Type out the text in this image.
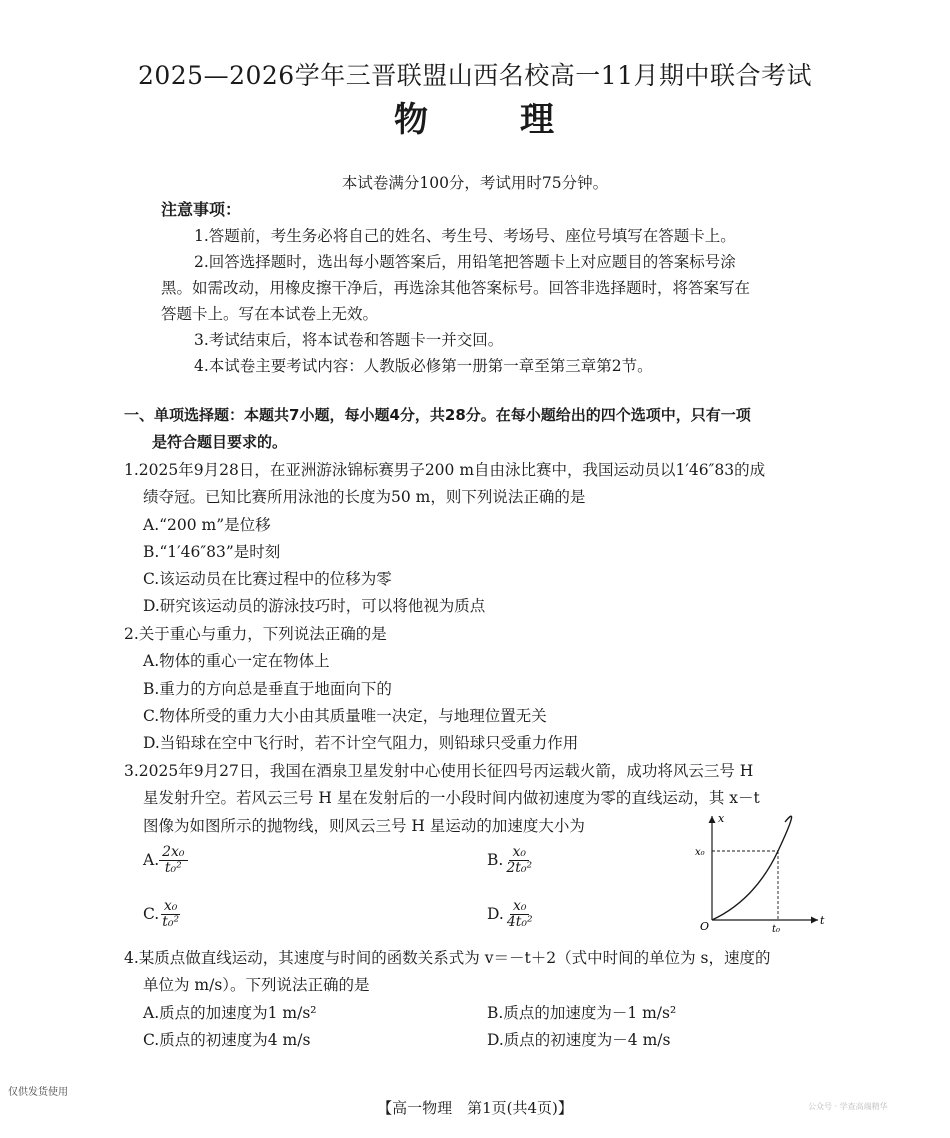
2025—2026学年三晋联盟山西名校高一11月期中联合考试
物	理
本试卷满分100分，考试用时75分钟。
注意事项：
1.答题前，考生务必将自己的姓名、考生号、考场号、座位号填写在答题卡上。
2.回答选择题时，选出每小题答案后，用铅笔把答题卡上对应题目的答案标号涂
黑。如需改动，用橡皮擦干净后，再选涂其他答案标号。回答非选择题时，将答案写在
答题卡上。写在本试卷上无效。
3.考试结束后，将本试卷和答题卡一并交回。
4.本试卷主要考试内容：人教版必修第一册第一章至第三章第2节。
一、单项选择题：本题共7小题，每小题4分，共28分。在每小题给出的四个选项中，只有一项
是符合题目要求的。
1.2025年9月28日，在亚洲游泳锦标赛男子200 m自由泳比赛中，我国运动员以1′46″83的成
绩夺冠。已知比赛所用泳池的长度为50 m，则下列说法正确的是
A.“200 m”是位移
B.“1′46″83”是时刻
C.该运动员在比赛过程中的位移为零
D.研究该运动员的游泳技巧时，可以将他视为质点
2.关于重心与重力，下列说法正确的是
A.物体的重心一定在物体上
B.重力的方向总是垂直于地面向下的
C.物体所受的重力大小由其质量唯一决定，与地理位置无关
D.当铅球在空中飞行时，若不计空气阻力，则铅球只受重力作用
3.2025年9月27日，我国在酒泉卫星发射中心使用长征四号丙运载火箭，成功将风云三号 H
星发射升空。若风云三号 H 星在发射后的一小段时间内做初速度为零的直线运动，其 x－t
图像为如图所示的抛物线，则风云三号 H 星运动的加速度大小为
A. $\frac{\text{2x₀}}{\text{t₀²}}$	B. $\frac{\text{x₀}}{\text{2t₀²}}$
C. $\frac{\text{x₀}}{\text{t₀²}}$	D. $\frac{\text{x₀}}{\text{4t₀²}}$
x
t
O
x₀
t₀
4.某质点做直线运动，其速度与时间的函数关系式为 v＝－t＋2（式中时间的单位为 s，速度的
单位为 m/s）。下列说法正确的是
A.质点的加速度为1 m/s²	B.质点的加速度为－1 m/s²
C.质点的初速度为4 m/s	D.质点的初速度为－4 m/s
仅供发货使用
【高一物理　第1页(共4页)】	公众号 · 学查高端精华
